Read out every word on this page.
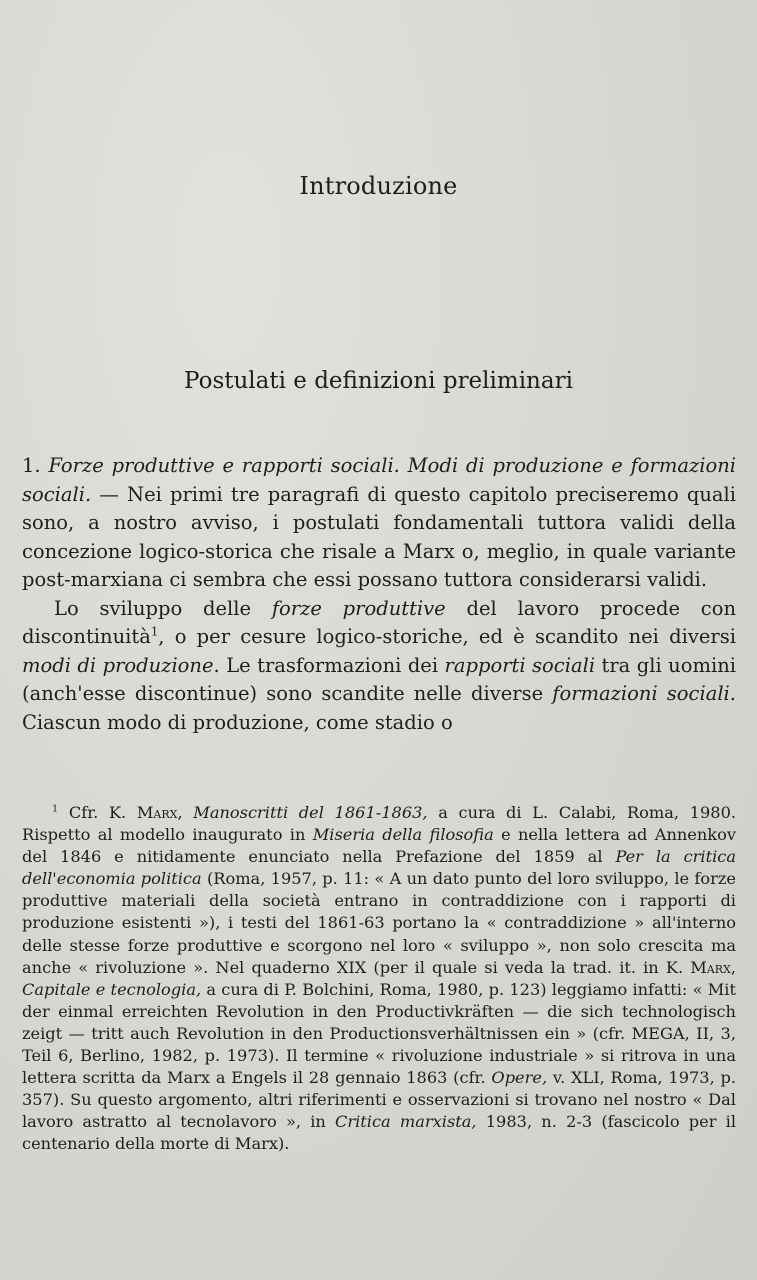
Introduzione
Postulati e definizioni preliminari

1. Forze produttive e rapporti sociali. Modi di produzione e formazioni sociali. — Nei primi tre paragrafi di questo capitolo preciseremo quali sono, a nostro avviso, i postulati fondamentali tuttora validi della concezione logico-storica che risale a Marx o, meglio, in quale variante post-marxiana ci sembra che essi possano tuttora considerarsi validi.

Lo sviluppo delle forze produttive del lavoro procede con discontinuità$^1$, o per cesure logico-storiche, ed è scandito nei diversi modi di produzione. Le trasformazioni dei rapporti sociali tra gli uomini (anch'esse discontinue) sono scandite nelle diverse formazioni sociali. Ciascun modo di produzione, come stadio o

$^1$ Cfr. K. Marx, Manoscritti del 1861-1863, a cura di L. Calabi, Roma, 1980. Rispetto al modello inaugurato in Miseria della filosofia e nella lettera ad Annenkov del 1846 e nitidamente enunciato nella Prefazione del 1859 al Per la critica dell'economia politica (Roma, 1957, p. 11: « A un dato punto del loro sviluppo, le forze produttive materiali della società entrano in contraddizione con i rapporti di produzione esistenti »), i testi del 1861-63 portano la « contraddizione » all'interno delle stesse forze produttive e scorgono nel loro « sviluppo », non solo crescita ma anche « rivoluzione ». Nel quaderno XIX (per il quale si veda la trad. it. in K. Marx, Capitale e tecnologia, a cura di P. Bolchini, Roma, 1980, p. 123) leggiamo infatti: « Mit der einmal erreichten Revolution in den Productivkräften — die sich technologisch zeigt — tritt auch Revolution in den Productionsverhältnissen ein » (cfr. MEGA, II, 3, Teil 6, Berlino, 1982, p. 1973). Il termine « rivoluzione industriale » si ritrova in una lettera scritta da Marx a Engels il 28 gennaio 1863 (cfr. Opere, v. XLI, Roma, 1973, p. 357). Su questo argomento, altri riferimenti e osservazioni si trovano nel nostro « Dal lavoro astratto al tecnolavoro », in Critica marxista, 1983, n. 2-3 (fascicolo per il centenario della morte di Marx).
